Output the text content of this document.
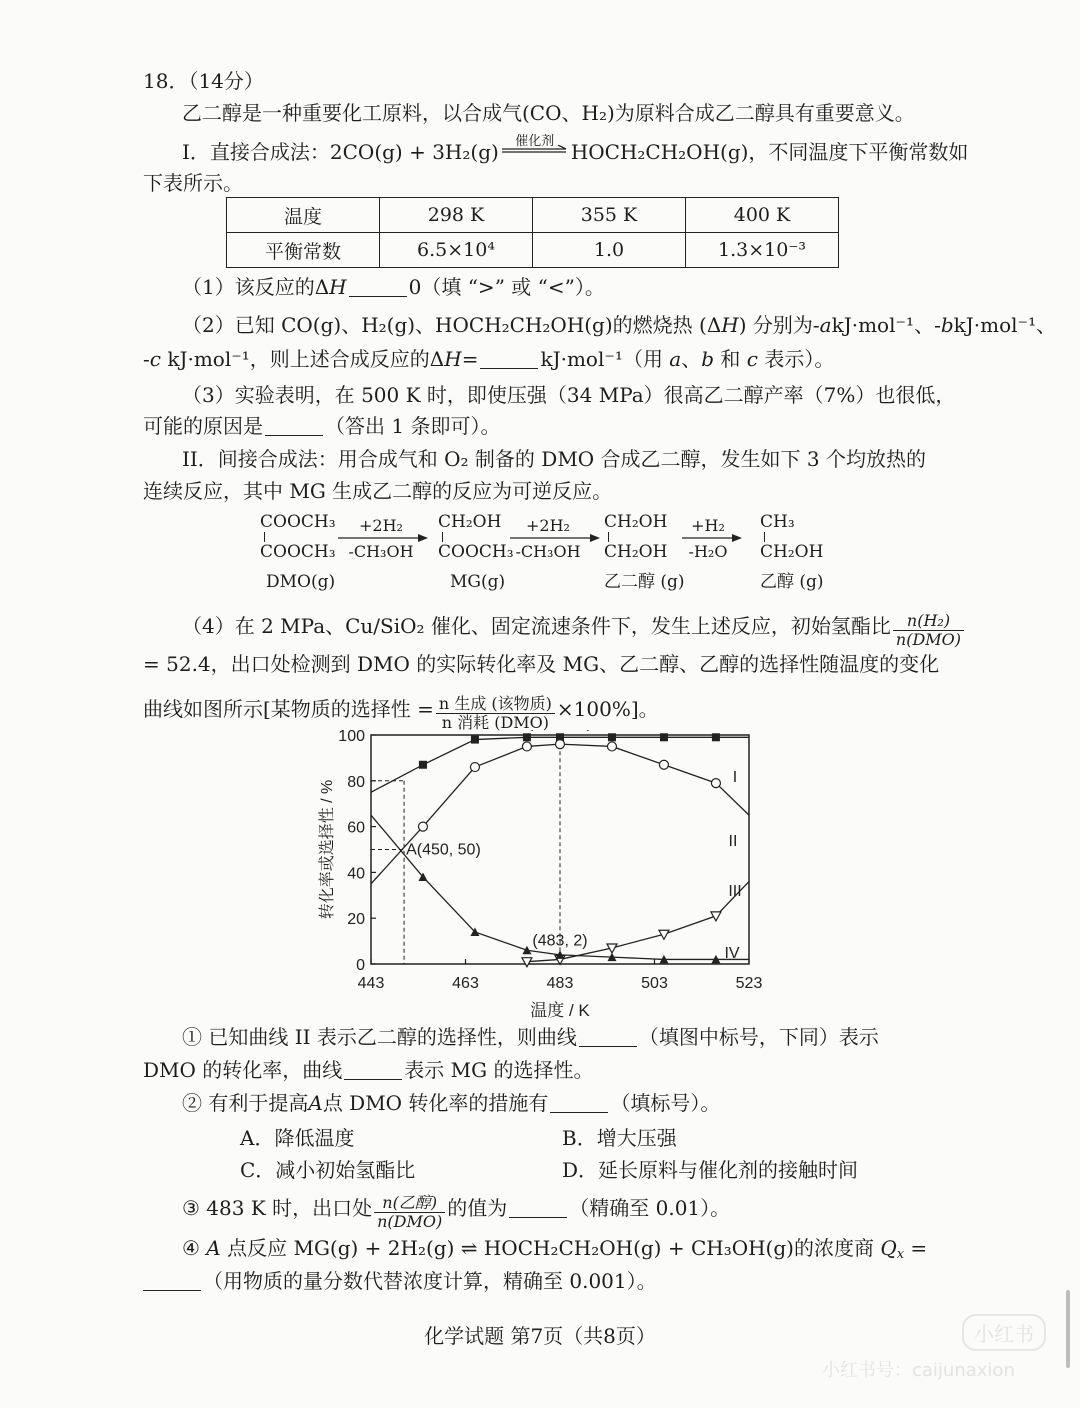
18．（14分）
乙二醇是一种重要化工原料，以合成气(CO、H₂)为原料合成乙二醇具有重要意义。
I．直接合成法：2CO(g) + 3H₂(g)	催化剂 HOCH₂CH₂OH(g)，不同温度下平衡常数如
下表所示。
温度	298 K	355 K	400 K
平衡常数	6.5×10⁴	1.0	1.3×10⁻³
（1）该反应的ΔH	0（填 “>” 或 “<”）。
（2）已知 CO(g)、H₂(g)、HOCH₂CH₂OH(g)的燃烧热 (ΔH) 分别为-akJ·mol⁻¹、-bkJ·mol⁻¹、
-c kJ·mol⁻¹，则上述合成反应的ΔH=	kJ·mol⁻¹（用 a、b 和 c 表示）。
（3）实验表明，在 500 K 时，即使压强（34 MPa）很高乙二醇产率（7%）也很低，
可能的原因是	（答出 1 条即可）。
II．间接合成法：用合成气和 O₂ 制备的 DMO 合成乙二醇，发生如下 3 个均放热的
连续反应，其中 MG 生成乙二醇的反应为可逆反应。
COOCH₃
COOCH₃
DMO(g)
+2H₂
-CH₃OH
CH₂OH
COOCH₃
MG(g)
+2H₂
-CH₃OH
CH₂OH
CH₂OH
乙二醇 (g)
+H₂
-H₂O
CH₃
CH₂OH
乙醇 (g)
（4）在 2 MPa、Cu/SiO₂ 催化、固定流速条件下，发生上述反应，初始氢酯比 $\frac{\text{n(H₂)}}{\text{n(DMO)}}$
= 52.4，出口处检测到 DMO 的实际转化率及 MG、乙二醇、乙醇的选择性随温度的变化
曲线如图所示[某物质的选择性 = $\frac{\text{n 生成 (该物质)}}{\text{n 消耗 (DMO)}} \times 100\%$]。
0
20
40
60
80
100
443	463	483	503	523
温度 / K
转化率或选择性 / %
I
II
III
IV
A(450, 50)
(483, 2)
① 已知曲线 II 表示乙二醇的选择性，则曲线	（填图中标号，下同）表示
DMO 的转化率，曲线	表示 MG 的选择性。
② 有利于提高A点 DMO 转化率的措施有	（填标号）。
A．降低温度	B．增大压强
C．减小初始氢酯比	D．延长原料与催化剂的接触时间
③ 483 K 时，出口处 $\frac{\text{n(乙醇)}}{\text{n(DMO)}}$ 的值为	（精确至 0.01）。
④ A 点反应 MG(g) + 2H₂(g) ⇌ HOCH₂CH₂OH(g) + CH₃OH(g)的浓度商 $Q_x$ =
（用物质的量分数代替浓度计算，精确至 0.001）。
化学试题 第7页（共8页）	小红书
小红书号：caijunaxion
